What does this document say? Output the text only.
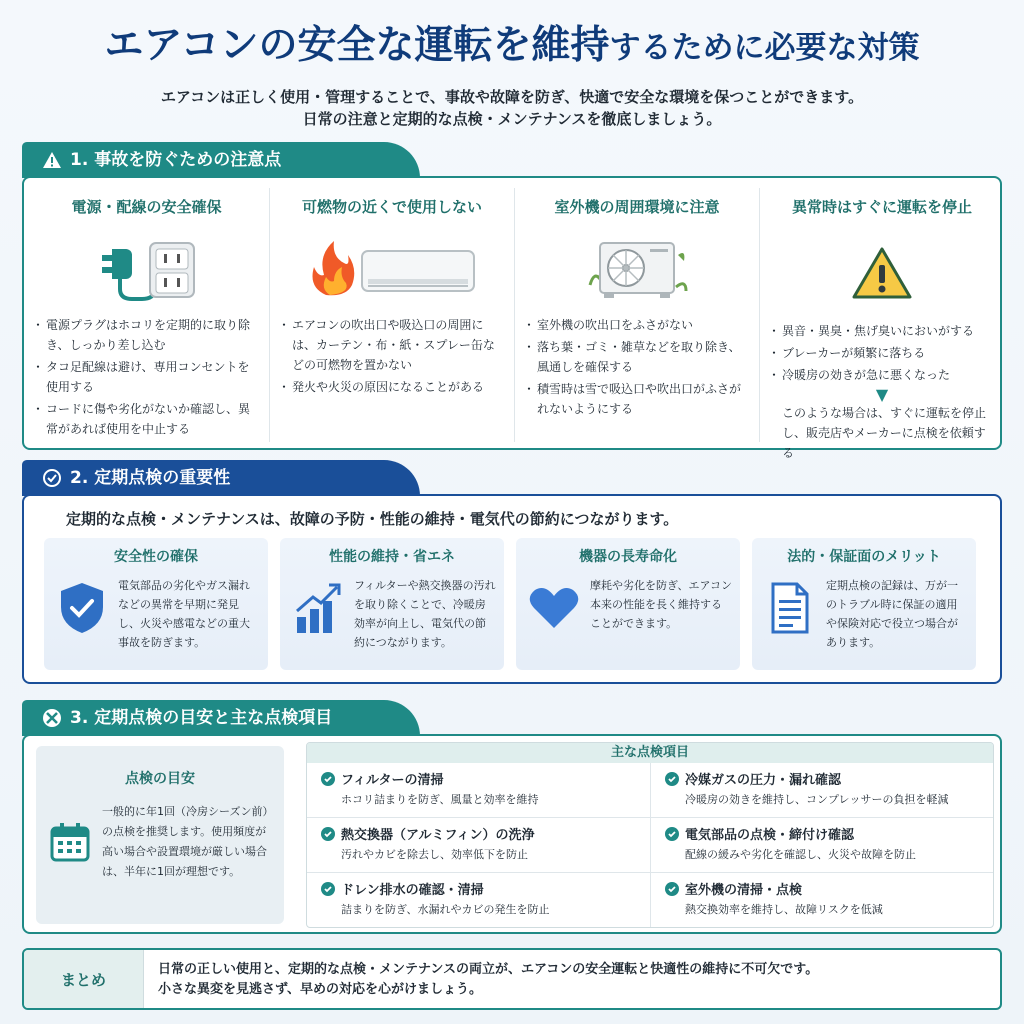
エアコンの安全な運転を維持するために必要な対策
エアコンは正しく使用・管理することで、事故や故障を防ぎ、快適で安全な環境を保つことができます。
日常の注意と定期的な点検・メンテナンスを徹底しましょう。
1. 事故を防ぐための注意点
電源・配線の安全確保
・ 電源プラグはホコリを定期的に取り除き、しっかり差し込む
・ タコ足配線は避け、専用コンセントを使用する
・ コードに傷や劣化がないか確認し、異常があれば使用を中止する
可燃物の近くで使用しない
・ エアコンの吹出口や吸込口の周囲には、カーテン・布・紙・スプレー缶などの可燃物を置かない
・ 発火や火災の原因になることがある
室外機の周囲環境に注意
・ 室外機の吹出口をふさがない
・ 落ち葉・ゴミ・雑草などを取り除き、風通しを確保する
・ 積雪時は雪で吸込口や吹出口がふさがれないようにする
異常時はすぐに運転を停止
・ 異音・異臭・焦げ臭いにおいがする
・ ブレーカーが頻繁に落ちる
・ 冷暖房の効きが急に悪くなった
▼
このような場合は、すぐに運転を停止し、販売店やメーカーに点検を依頼する
2. 定期点検の重要性
定期的な点検・メンテナンスは、故障の予防・性能の維持・電気代の節約につながります。
安全性の確保
電気部品の劣化やガス漏れなどの異常を早期に発見し、火災や感電などの重大事故を防ぎます。
性能の維持・省エネ
フィルターや熱交換器の汚れを取り除くことで、冷暖房効率が向上し、電気代の節約につながります。
機器の長寿命化
摩耗や劣化を防ぎ、エアコン本来の性能を長く維持することができます。
法的・保証面のメリット
定期点検の記録は、万が一のトラブル時に保証の適用や保険対応で役立つ場合があります。
3. 定期点検の目安と主な点検項目
点検の目安
一般的に年1回（冷房シーズン前）の点検を推奨します。使用頻度が高い場合や設置環境が厳しい場合は、半年に1回が理想です。
主な点検項目
フィルターの清掃
ホコリ詰まりを防ぎ、風量と効率を維持
熱交換器（アルミフィン）の洗浄
汚れやカビを除去し、効率低下を防止
ドレン排水の確認・清掃
詰まりを防ぎ、水漏れやカビの発生を防止
冷媒ガスの圧力・漏れ確認
冷暖房の効きを維持し、コンプレッサーの負担を軽減
電気部品の点検・締付け確認
配線の緩みや劣化を確認し、火災や故障を防止
室外機の清掃・点検
熱交換効率を維持し、故障リスクを低減
まとめ
日常の正しい使用と、定期的な点検・メンテナンスの両立が、エアコンの安全運転と快適性の維持に不可欠です。
小さな異変を見逃さず、早めの対応を心がけましょう。
